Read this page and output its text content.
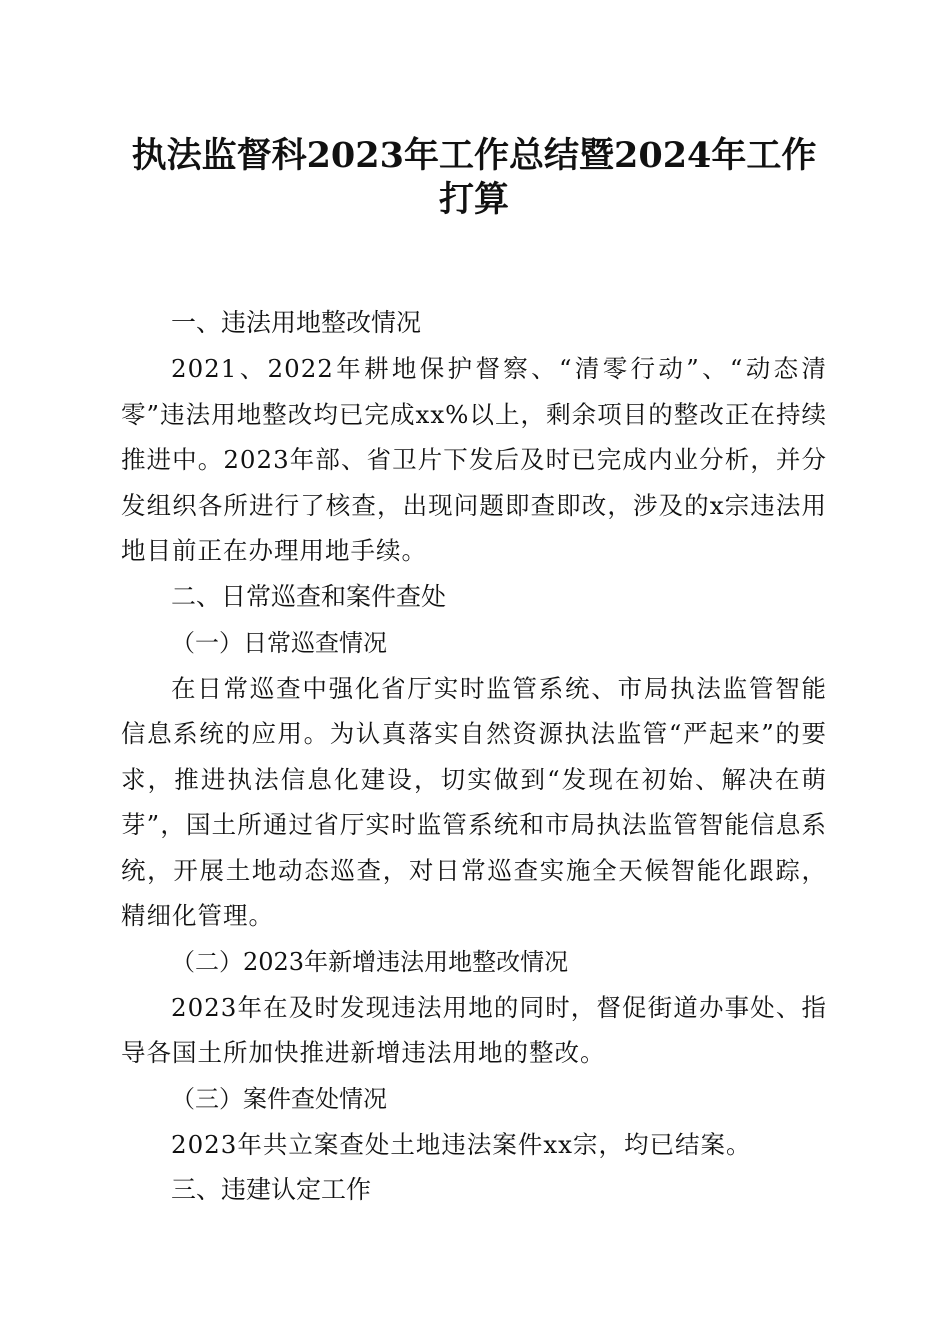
执法监督科2023年工作总结暨2024年工作打算

一、违法用地整改情况

2021、2022年耕地保护督察、“清零行动”、“动态清零”违法用地整改均已完成xx%以上，剩余项目的整改正在持续推进中。2023年部、省卫片下发后及时已完成内业分析，并分发组织各所进行了核查，出现问题即查即改，涉及的x宗违法用地目前正在办理用地手续。

二、日常巡查和案件查处

（一）日常巡查情况

在日常巡查中强化省厅实时监管系统、市局执法监管智能信息系统的应用。为认真落实自然资源执法监管“严起来”的要求，推进执法信息化建设，切实做到“发现在初始、解决在萌芽”，国土所通过省厅实时监管系统和市局执法监管智能信息系统，开展土地动态巡查，对日常巡查实施全天候智能化跟踪，精细化管理。

（二）2023年新增违法用地整改情况

2023年在及时发现违法用地的同时，督促街道办事处、指导各国土所加快推进新增违法用地的整改。

（三）案件查处情况

2023年共立案查处土地违法案件xx宗，均已结案。

三、违建认定工作
